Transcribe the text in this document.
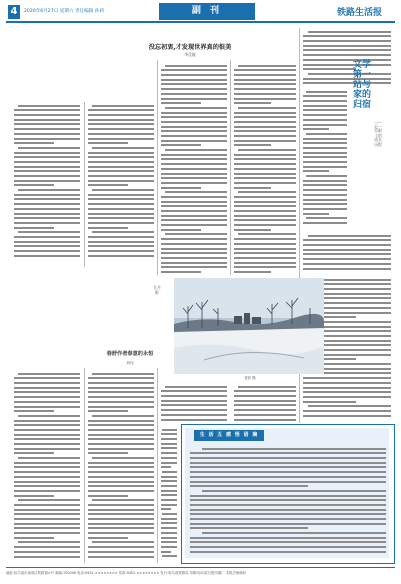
4	2020年6月27日 星期六 责任编辑 孙莉	副 刊	铁路生活报
没忘初衷,才发现世界真的很美
李佳璇
文学第一站与家的归宿
——记一位职工的成长历程
关月影
曾欣 摄
春舒作者春意的永恒
刘伟
生 活 五 感 悟 语 摘
地址:哈尔滨市南岗区铁路街×号 邮编:150006 电话:0451-×××××××× 传真:0451-×××××××× 发行:哈尔滨铁路局 印刷:哈尔滨日报印刷厂 本报法律顾问
